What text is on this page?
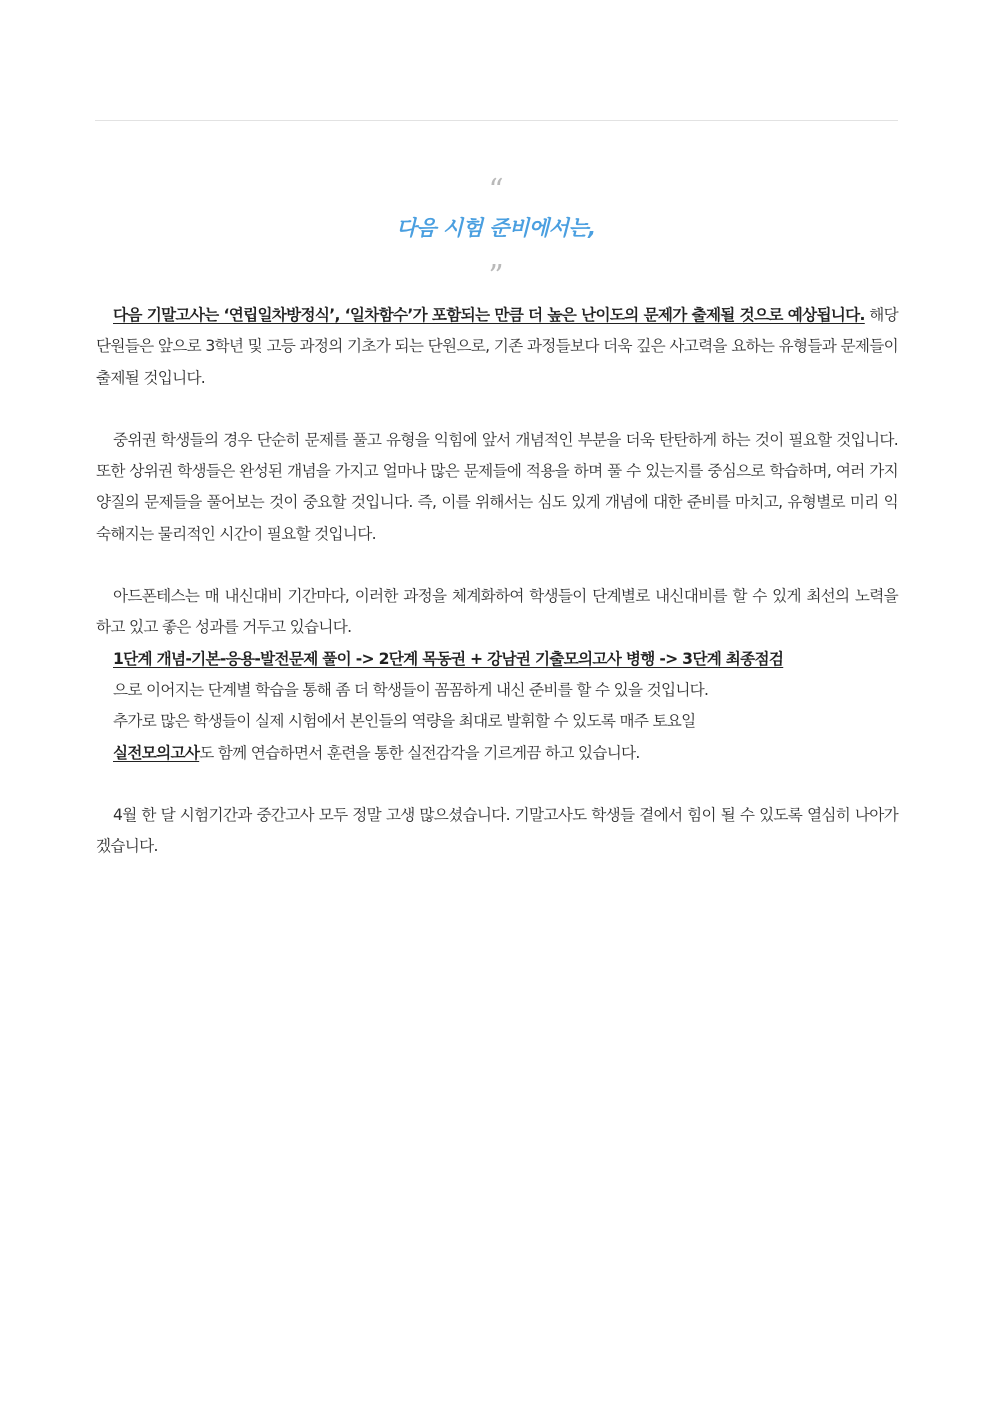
“
다음 시험 준비에서는,
”

다음 기말고사는 ‘연립일차방정식’, ‘일차함수’가 포함되는 만큼 더 높은 난이도의 문제가 출제될 것으로 예상됩니다. 해당 단원들은 앞으로 3학년 및 고등 과정의 기초가 되는 단원으로, 기존 과정들보다 더욱 깊은 사고력을 요하는 유형들과 문제들이 출제될 것입니다.

중위권 학생들의 경우 단순히 문제를 풀고 유형을 익힘에 앞서 개념적인 부분을 더욱 탄탄하게 하는 것이 필요할 것입니다. 또한 상위권 학생들은 완성된 개념을 가지고 얼마나 많은 문제들에 적용을 하며 풀 수 있는지를 중심으로 학습하며, 여러 가지 양질의 문제들을 풀어보는 것이 중요할 것입니다. 즉, 이를 위해서는 심도 있게 개념에 대한 준비를 마치고, 유형별로 미리 익숙해지는 물리적인 시간이 필요할 것입니다.

아드폰테스는 매 내신대비 기간마다, 이러한 과정을 체계화하여 학생들이 단계별로 내신대비를 할 수 있게 최선의 노력을 하고 있고 좋은 성과를 거두고 있습니다.

1단계 개념-기본-응용-발전문제 풀이 -> 2단계 목동권 + 강남권 기출모의고사 병행 -> 3단계 최종점검
으로 이어지는 단계별 학습을 통해 좀 더 학생들이 꼼꼼하게 내신 준비를 할 수 있을 것입니다.
추가로 많은 학생들이 실제 시험에서 본인들의 역량을 최대로 발휘할 수 있도록 매주 토요일
실전모의고사도 함께 연습하면서 훈련을 통한 실전감각을 기르게끔 하고 있습니다.

4월 한 달 시험기간과 중간고사 모두 정말 고생 많으셨습니다. 기말고사도 학생들 곁에서 힘이 될 수 있도록 열심히 나아가겠습니다.
